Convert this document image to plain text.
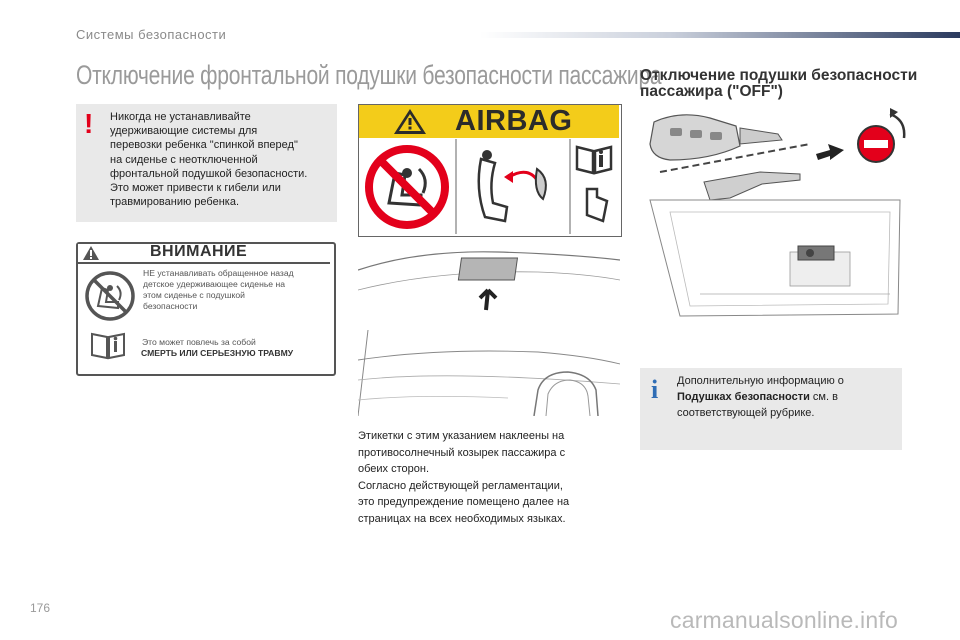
Системы безопасности
Отключение фронтальной подушки безопасности пассажира
Отключение подушки безопасности
пассажира ("OFF")
! Никогда не устанавливайте
удерживающие системы для
перевозки ребенка "спинкой вперед"
на сиденье с неотключенной
фронтальной подушкой безопасности.
Это может привести к гибели или
травмированию ребенка.
ВНИМАНИЕ
НЕ устанавливать обращенное назад
детское удерживающее сиденье на
этом сиденье с подушкой
безопасности
Это может повлечь за собой
СМЕРТЬ ИЛИ СЕРЬЕЗНУЮ ТРАВМУ
AIRBAG
Этикетки с этим указанием наклеены на
противосолнечный козырек пассажира с
обеих сторон.
Согласно действующей регламентации,
это предупреждение помещено далее на
страницах на всех необходимых языках.
i	Дополнительную информацию о
Подушках безопасности см. в
соответствующей рубрике.
176	carmanualsonline.info
